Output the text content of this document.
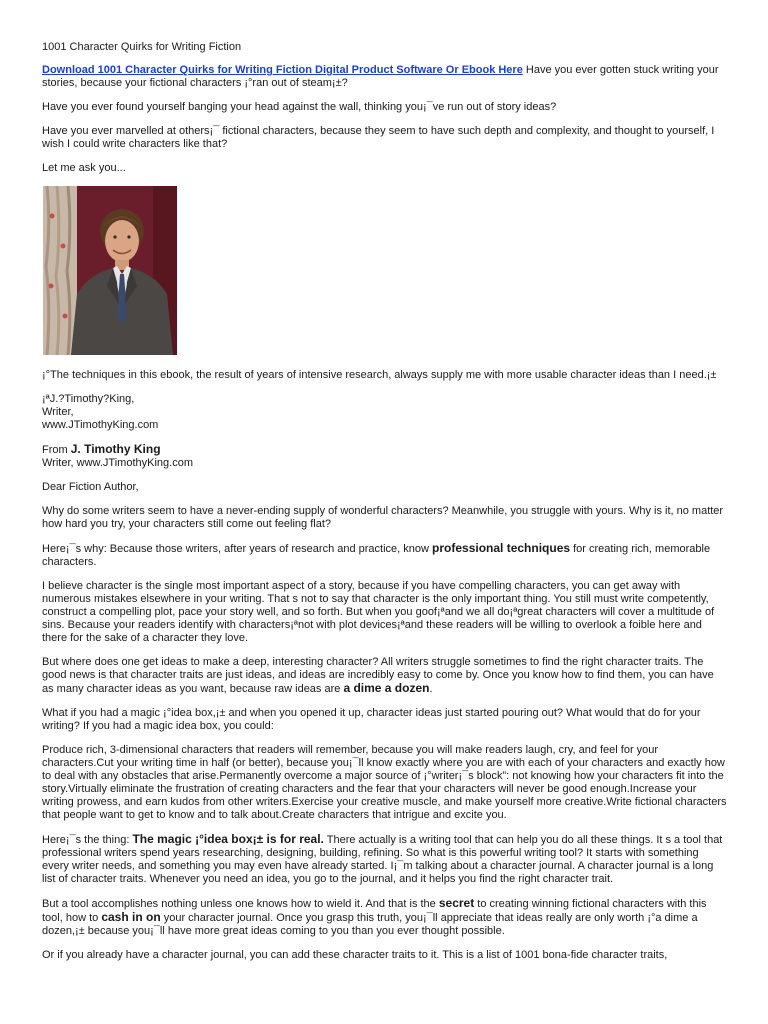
1001 Character Quirks for Writing Fiction

Download 1001 Character Quirks for Writing Fiction Digital Product Software Or Ebook Here Have you ever gotten stuck writing your stories, because your fictional characters ¡°ran out of steam¡±?

Have you ever found yourself banging your head against the wall, thinking you¡¯ve run out of story ideas?

Have you ever marvelled at others¡¯ fictional characters, because they seem to have such depth and complexity, and thought to yourself, I wish I could write characters like that?

Let me ask you...

¡°The techniques in this ebook, the result of years of intensive research, always supply me with more usable character ideas than I need.¡±

¡ªJ.?Timothy?King,
Writer,
www.JTimothyKing.com
From J. Timothy King
Writer, www.JTimothyKing.com

Dear Fiction Author,

Why do some writers seem to have a never-ending supply of wonderful characters? Meanwhile, you struggle with yours. Why is it, no matter how hard you try, your characters still come out feeling flat?

Here¡¯s why: Because those writers, after years of research and practice, know professional techniques for creating rich, memorable characters.

I believe character is the single most important aspect of a story, because if you have compelling characters, you can get away with numerous mistakes elsewhere in your writing. That s not to say that character is the only important thing. You still must write competently, construct a compelling plot, pace your story well, and so forth. But when you goof¡ªand we all do¡ªgreat characters will cover a multitude of sins. Because your readers identify with characters¡ªnot with plot devices¡ªand these readers will be willing to overlook a foible here and there for the sake of a character they love.

But where does one get ideas to make a deep, interesting character? All writers struggle sometimes to find the right character traits. The good news is that character traits are just ideas, and ideas are incredibly easy to come by. Once you know how to find them, you can have as many character ideas as you want, because raw ideas are a dime a dozen.

What if you had a magic ¡°idea box,¡± and when you opened it up, character ideas just started pouring out? What would that do for your writing? If you had a magic idea box, you could:

Produce rich, 3-dimensional characters that readers will remember, because you will make readers laugh, cry, and feel for your characters.Cut your writing time in half (or better), because you¡¯ll know exactly where you are with each of your characters and exactly how to deal with any obstacles that arise.Permanently overcome a major source of ¡°writer¡¯s block”: not knowing how your characters fit into the story.Virtually eliminate the frustration of creating characters and the fear that your characters will never be good enough.Increase your writing prowess, and earn kudos from other writers.Exercise your creative muscle, and make yourself more creative.Write fictional characters that people want to get to know and to talk about.Create characters that intrigue and excite you.

Here¡¯s the thing: The magic ¡°idea box¡± is for real. There actually is a writing tool that can help you do all these things. It s a tool that professional writers spend years researching, designing, building, refining. So what is this powerful writing tool? It starts with something every writer needs, and something you may even have already started. I¡¯m talking about a character journal. A character journal is a long list of character traits. Whenever you need an idea, you go to the journal, and it helps you find the right character trait.

But a tool accomplishes nothing unless one knows how to wield it. And that is the secret to creating winning fictional characters with this tool, how to cash in on your character journal. Once you grasp this truth, you¡¯ll appreciate that ideas really are only worth ¡°a dime a dozen,¡± because you¡¯ll have more great ideas coming to you than you ever thought possible.

Or if you already have a character journal, you can add these character traits to it. This is a list of 1001 bona-fide character traits,
